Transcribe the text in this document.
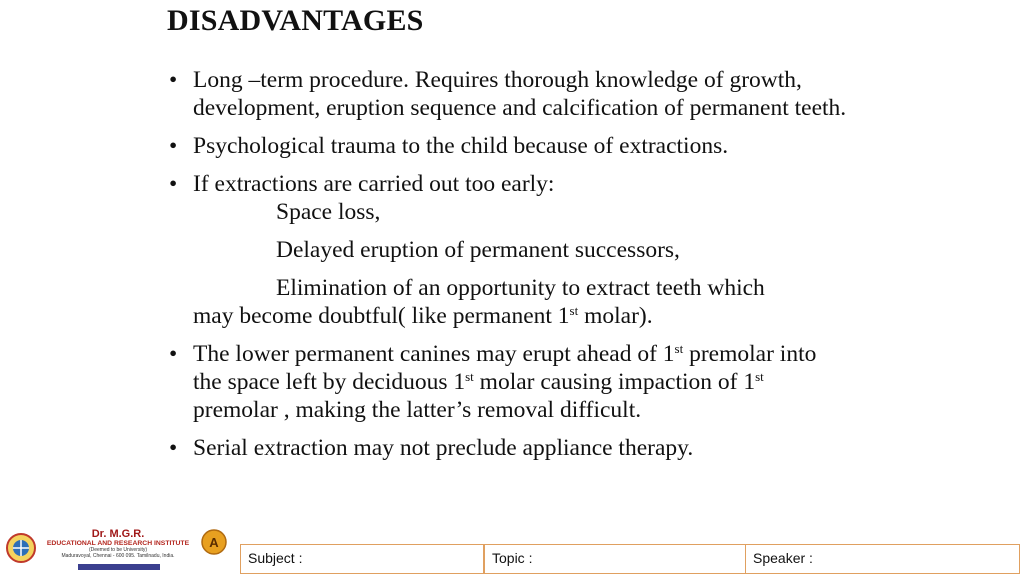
DISADVANTAGES
• Long –term procedure. Requires thorough knowledge of growth, development, eruption sequence and calcification of permanent teeth.
• Psychological trauma to the child because of extractions.
• If extractions are carried out too early:
Space loss,
Delayed eruption of permanent successors,
Elimination of an opportunity to extract teeth which
may become doubtful( like permanent 1st molar).
• The lower permanent canines may erupt ahead of 1st premolar into the space left by deciduous 1st molar causing impaction of 1st premolar , making the latter’s removal difficult.
• Serial extraction may not preclude appliance therapy.
Dr. M.G.R.
EDUCATIONAL AND RESEARCH INSTITUTE
(Deemed to be University)
Maduravoyal, Chennai - 600 095. Tamilnadu, India.
A
Subject :	Topic :	Speaker :
